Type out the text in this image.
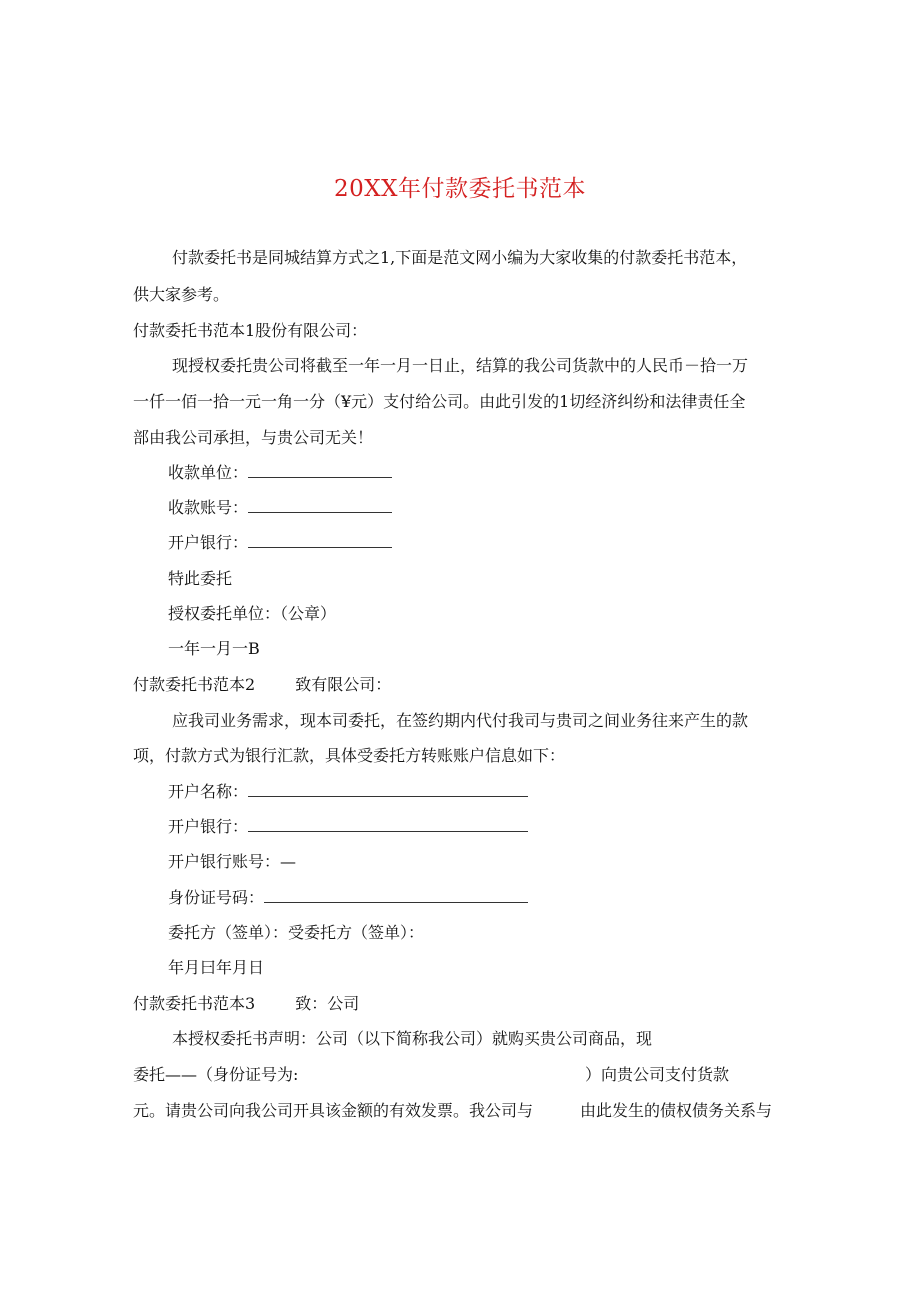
20XX年付款委托书范本
付款委托书是同城结算方式之1,下面是范文网小编为大家收集的付款委托书范本，
供大家参考。
付款委托书范本1股份有限公司：
现授权委托贵公司将截至一年一月一日止，结算的我公司货款中的人民币－拾一万
一仟一佰一拾一元一角一分（¥元）支付给公司。由此引发的1切经济纠纷和法律责任全
部由我公司承担，与贵公司无关！
收款单位：
收款账号：
开户银行：
特此委托
授权委托单位：（公章）
一年一月一B
付款委托书范本2	致有限公司：
应我司业务需求，现本司委托，在签约期内代付我司与贵司之间业务往来产生的款
项，付款方式为银行汇款，具体受委托方转账账户信息如下：
开户名称：
开户银行：
开户银行账号：—
身份证号码：
委托方（签单）：受委托方（签单）：
年月曰年月日
付款委托书范本3	致：公司
本授权委托书声明：公司（以下简称我公司）就购买贵公司商品，现
委托——（身份证号为:	）向贵公司支付货款
元。请贵公司向我公司开具该金额的有效发票。我公司与	由此发生的债权债务关系与
